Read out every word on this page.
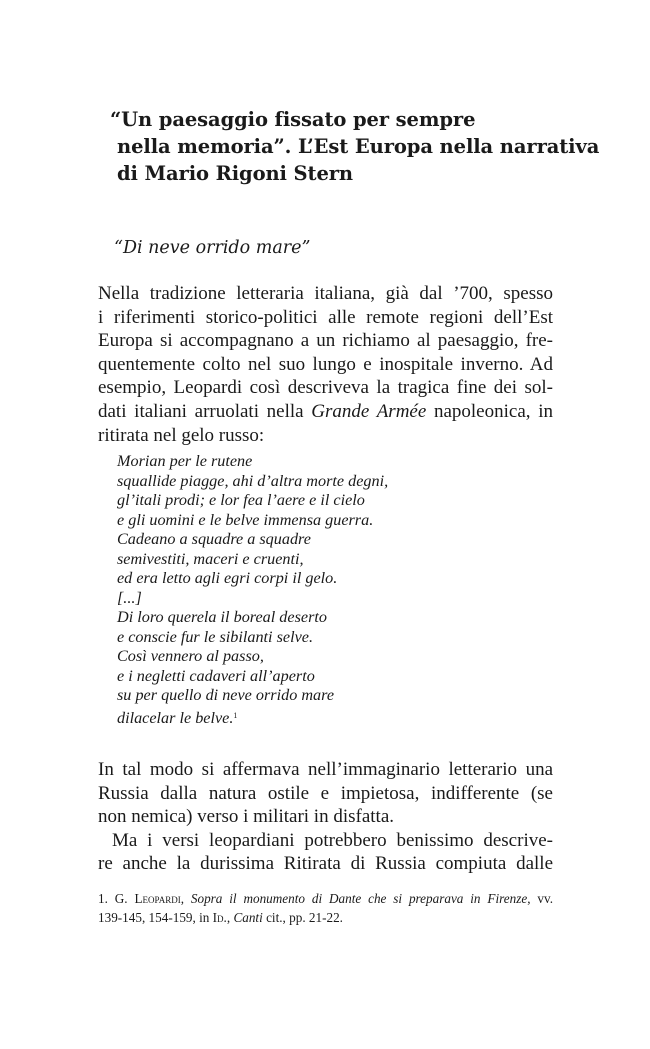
“Un paesaggio fissato per sempre
nella memoria”. L’Est Europa nella narrativa
di Mario Rigoni Stern
“Di neve orrido mare”
Nella tradizione letteraria italiana, già dal ’700, spesso
i riferimenti storico-politici alle remote regioni dell’Est
Europa si accompagnano a un richiamo al paesaggio, fre-
quentemente colto nel suo lungo e inospitale inverno. Ad
esempio, Leopardi così descriveva la tragica fine dei sol-
dati italiani arruolati nella Grande Armée napoleonica, in
ritirata nel gelo russo:
Morian per le rutene
squallide piagge, ahi d’altra morte degni,
gl’itali prodi; e lor fea l’aere e il cielo
e gli uomini e le belve immensa guerra.
Cadeano a squadre a squadre
semivestiti, maceri e cruenti,
ed era letto agli egri corpi il gelo.
[...]
Di loro querela il boreal deserto
e conscie fur le sibilanti selve.
Così vennero al passo,
e i negletti cadaveri all’aperto
su per quello di neve orrido mare
dilacelar le belve.$^1$
In tal modo si affermava nell’immaginario letterario una
Russia dalla natura ostile e impietosa, indifferente (se
non nemica) verso i militari in disfatta.
Ma i versi leopardiani potrebbero benissimo descrive-
re anche la durissima Ritirata di Russia compiuta dalle
1. G. Leopardi, Sopra il monumento di Dante che si preparava in Firenze, vv.
139-145, 154-159, in Id., Canti cit., pp. 21-22.
